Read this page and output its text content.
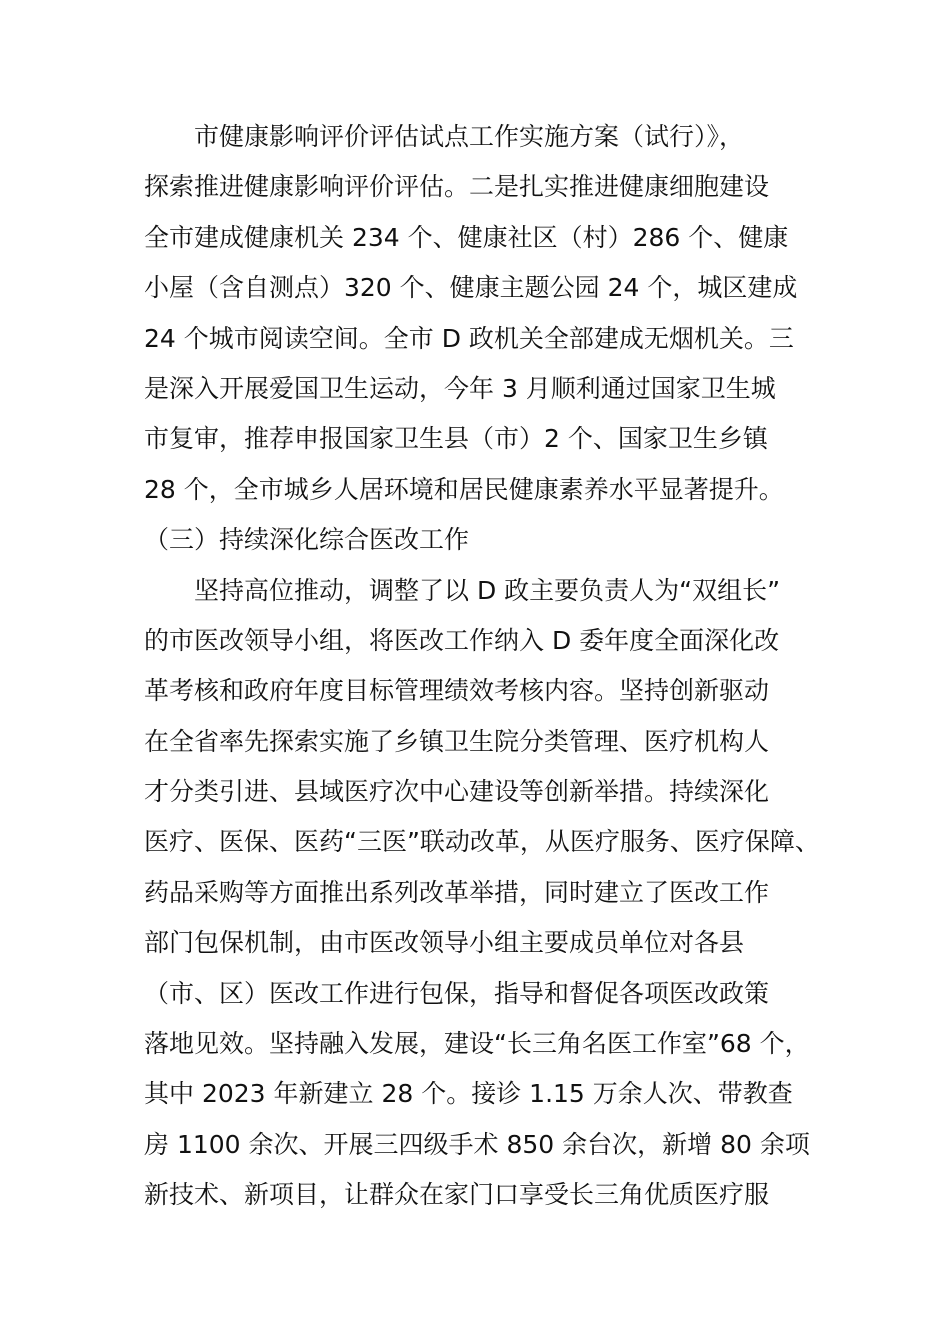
市健康影响评价评估试点工作实施方案（试行）》，
探索推进健康影响评价评估。二是扎实推进健康细胞建设
全市建成健康机关 234 个、健康社区（村）286 个、健康
小屋（含自测点）320 个、健康主题公园 24 个，城区建成
24 个城市阅读空间。全市 D 政机关全部建成无烟机关。三
是深入开展爱国卫生运动，今年 3 月顺利通过国家卫生城
市复审，推荐申报国家卫生县（市）2 个、国家卫生乡镇
28 个，全市城乡人居环境和居民健康素养水平显著提升。
（三）持续深化综合医改工作
坚持高位推动，调整了以 D 政主要负责人为“双组长”
的市医改领导小组，将医改工作纳入 D 委年度全面深化改
革考核和政府年度目标管理绩效考核内容。坚持创新驱动
在全省率先探索实施了乡镇卫生院分类管理、医疗机构人
才分类引进、县域医疗次中心建设等创新举措。持续深化
医疗、医保、医药“三医”联动改革，从医疗服务、医疗保障、
药品采购等方面推出系列改革举措，同时建立了医改工作
部门包保机制，由市医改领导小组主要成员单位对各县
（市、区）医改工作进行包保，指导和督促各项医改政策
落地见效。坚持融入发展，建设“长三角名医工作室”68 个，
其中 2023 年新建立 28 个。接诊 1.15 万余人次、带教查
房 1100 余次、开展三四级手术 850 余台次，新增 80 余项
新技术、新项目，让群众在家门口享受长三角优质医疗服
